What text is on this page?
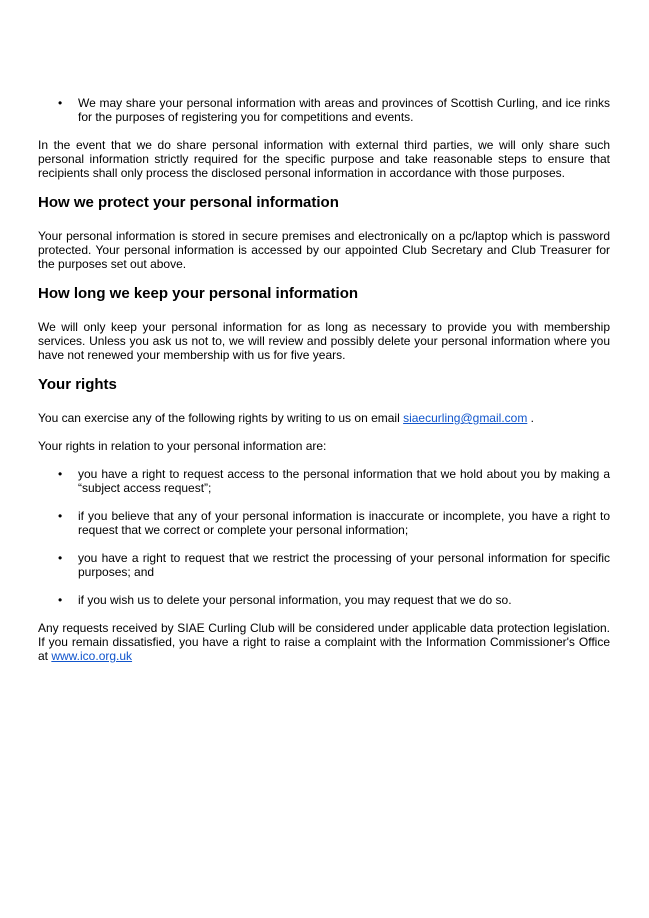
• We may share your personal information with areas and provinces of Scottish Curling, and ice rinks for the purposes of registering you for competitions and events.

In the event that we do share personal information with external third parties, we will only share such personal information strictly required for the specific purpose and take reasonable steps to ensure that recipients shall only process the disclosed personal information in accordance with those purposes.

How we protect your personal information

Your personal information is stored in secure premises and electronically on a pc/laptop which is password protected. Your personal information is accessed by our appointed Club Secretary and Club Treasurer for the purposes set out above.

How long we keep your personal information

We will only keep your personal information for as long as necessary to provide you with membership services. Unless you ask us not to, we will review and possibly delete your personal information where you have not renewed your membership with us for five years.

Your rights

You can exercise any of the following rights by writing to us on email siaecurling@gmail.com .

Your rights in relation to your personal information are:

• you have a right to request access to the personal information that we hold about you by making a “subject access request”;
• if you believe that any of your personal information is inaccurate or incomplete, you have a right to request that we correct or complete your personal information;
• you have a right to request that we restrict the processing of your personal information for specific purposes; and
• if you wish us to delete your personal information, you may request that we do so.

Any requests received by SIAE Curling Club will be considered under applicable data protection legislation. If you remain dissatisfied, you have a right to raise a complaint with the Information Commissioner's Office at www.ico.org.uk
